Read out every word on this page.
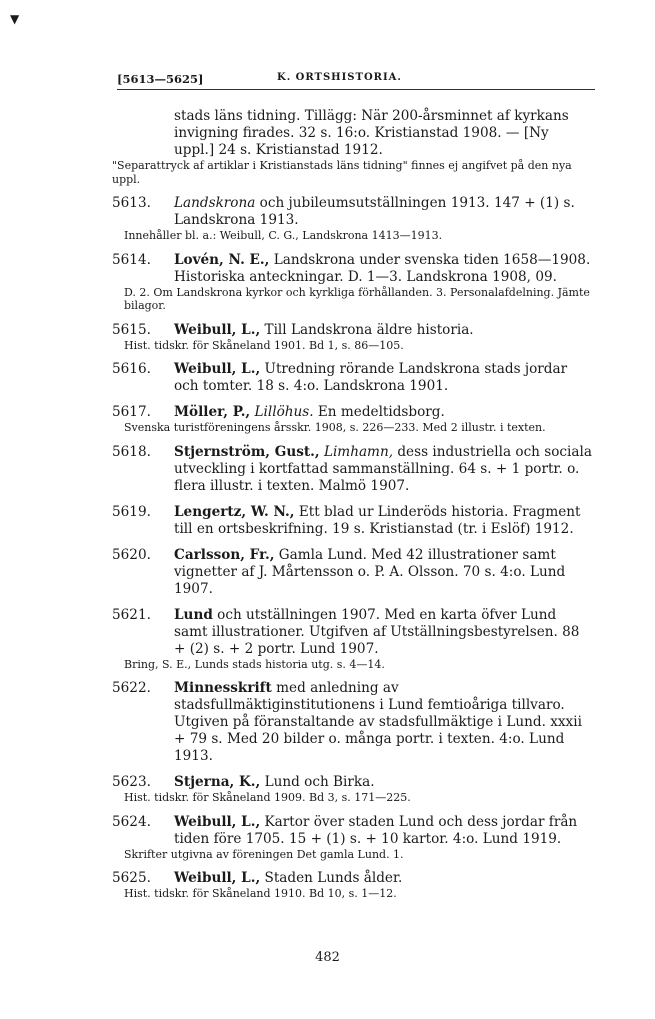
▼
[5613—5625]	K. ORTSHISTORIA.
stads läns tidning. Tillägg: När 200-årsminnet af kyrkans invigning firades. 32 s. 16:o. Kristianstad 1908. — [Ny uppl.] 24 s. Kristianstad 1912.
"Separattryck af artiklar i Kristianstads läns tidning" finnes ej angifvet på den nya uppl.
5613.	Landskrona och jubileumsutställningen 1913. 147 + (1) s. Landskrona 1913.
Innehåller bl. a.: Weibull, C. G., Landskrona 1413—1913.
5614.	Lovén, N. E., Landskrona under svenska tiden 1658—1908. Historiska anteckningar. D. 1—3. Landskrona 1908, 09.
D. 2. Om Landskrona kyrkor och kyrkliga förhållanden. 3. Personalafdelning. Jämte bilagor.
5615.	Weibull, L., Till Landskrona äldre historia.
Hist. tidskr. för Skåneland 1901. Bd 1, s. 86—105.
5616.	Weibull, L., Utredning rörande Landskrona stads jordar och tomter. 18 s. 4:o. Landskrona 1901.
5617.	Möller, P., Lillöhus. En medeltidsborg.
Svenska turistföreningens årsskr. 1908, s. 226—233. Med 2 illustr. i texten.
5618.	Stjernström, Gust., Limhamn, dess industriella och sociala utveckling i kortfattad sammanställning. 64 s. + 1 portr. o. flera illustr. i texten. Malmö 1907.
5619.	Lengertz, W. N., Ett blad ur Linderöds historia. Fragment till en ortsbeskrifning. 19 s. Kristianstad (tr. i Eslöf) 1912.
5620.	Carlsson, Fr., Gamla Lund. Med 42 illustrationer samt vignetter af J. Mårtensson o. P. A. Olsson. 70 s. 4:o. Lund 1907.
5621.	Lund och utställningen 1907. Med en karta öfver Lund samt illustrationer. Utgifven af Utställningsbestyrelsen. 88 + (2) s. + 2 portr. Lund 1907.
Bring, S. E., Lunds stads historia utg. s. 4—14.
5622.	Minnesskrift med anledning av stadsfullmäktiginstitutionens i Lund femtioåriga tillvaro. Utgiven på föranstaltande av stadsfullmäktige i Lund. xxxii + 79 s. Med 20 bilder o. många portr. i texten. 4:o. Lund 1913.
5623.	Stjerna, K., Lund och Birka.
Hist. tidskr. för Skåneland 1909. Bd 3, s. 171—225.
5624.	Weibull, L., Kartor över staden Lund och dess jordar från tiden före 1705. 15 + (1) s. + 10 kartor. 4:o. Lund 1919.
Skrifter utgivna av föreningen Det gamla Lund. 1.
5625.	Weibull, L., Staden Lunds ålder.
Hist. tidskr. för Skåneland 1910. Bd 10, s. 1—12.
482
